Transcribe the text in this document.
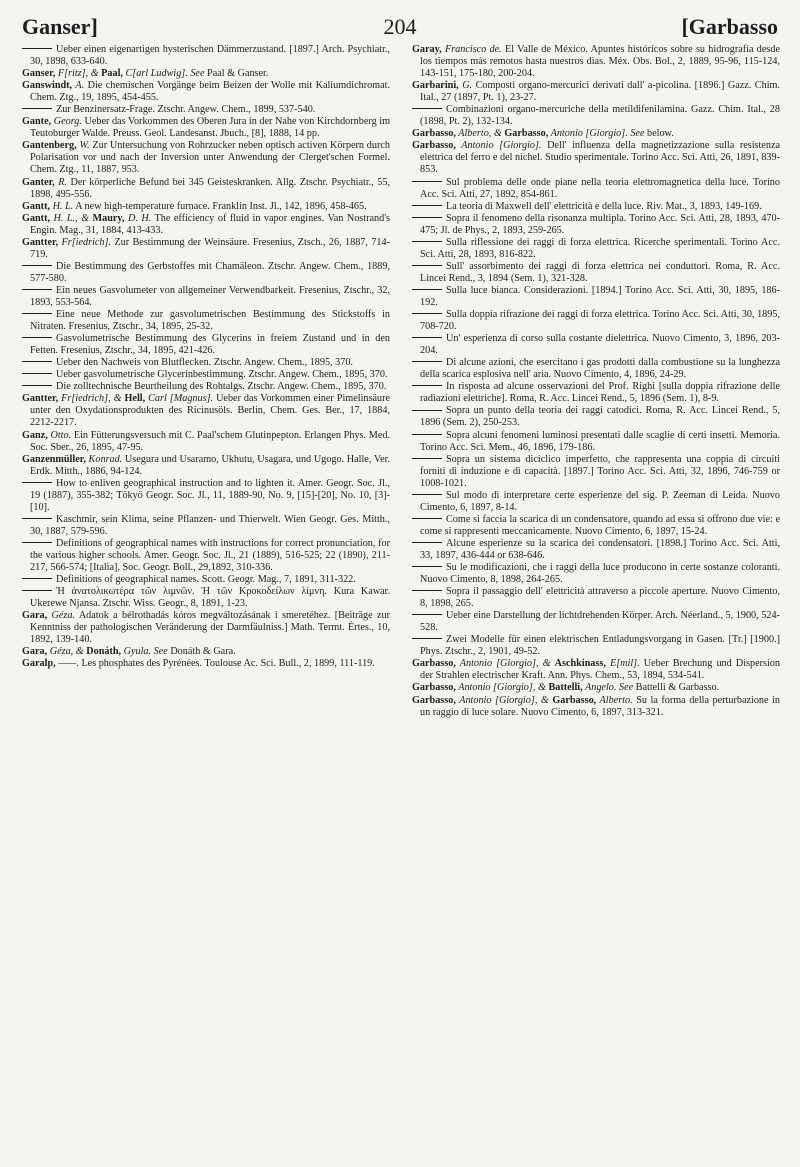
Ganser]	204	[Garbasso

Ueber einen eigenartigen hysterischen Dämmerzustand. [1897.] Arch. Psychiatr., 30, 1898, 633-640.

Ganser, F[ritz], & Paal, C[arl Ludwig]. See Paal & Ganser.

Ganswindt, A. Die chemischen Vorgänge beim Beizen der Wolle mit Kaliumdichromat. Chem. Ztg., 19, 1895, 454-455.

Zur Benzinersatz-Frage. Ztschr. Angew. Chem., 1899, 537-540.

Gante, Georg. Ueber das Vorkommen des Oberen Jura in der Nahe von Kirchdornberg im Teutoburger Walde. Preuss. Geol. Landesanst. Jbuch., [8], 1888, 14 pp.

Gantenberg, W. Zur Untersuchung von Rohrzucker neben optisch activen Körpern durch Polarisation vor und nach der Inversion unter Anwendung der Clerget'schen Formel. Chem. Ztg., 11, 1887, 953.

Ganter, R. Der körperliche Befund bei 345 Geisteskranken. Allg. Ztschr. Psychiatr., 55, 1898, 495-556.

Gantt, H. L. A new high-temperature furnace. Franklin Inst. Jl., 142, 1896, 458-465.

Gantt, H. L., & Maury, D. H. The efficiency of fluid in vapor engines. Van Nostrand's Engin. Mag., 31, 1884, 413-433.

Gantter, Fr[iedrich]. Zur Bestimmung der Weinsäure. Fresenius, Ztsch., 26, 1887, 714-719.

Die Bestimmung des Gerbstoffes mit Chamäleon. Ztschr. Angew. Chem., 1889, 577-580.

Ein neues Gasvolumeter von allgemeiner Verwendbarkeit. Fresenius, Ztschr., 32, 1893, 553-564.

Eine neue Methode zur gasvolumetrischen Bestimmung des Stickstoffs in Nitraten. Fresenius, Ztschr., 34, 1895, 25-32.

Gasvolumetrische Bestimmung des Glycerins in freiem Zustand und in den Fetten. Fresenius, Ztschr., 34, 1895, 421-426.

Ueber den Nachweis von Blutflecken. Ztschr. Angew. Chem., 1895, 370.

Ueber gasvolumetrische Glycerinbestimmung. Ztschr. Angew. Chem., 1895, 370.

Die zolltechnische Beurtheilung des Rohtalgs. Ztschr. Angew. Chem., 1895, 370.

Gantter, Fr[iedrich], & Hell, Carl [Magnus]. Ueber das Vorkommen einer Pimelinsäure unter den Oxydationsprodukten des Ricinusöls. Berlin, Chem. Ges. Ber., 17, 1884, 2212-2217.

Ganz, Otto. Ein Fütterungsversuch mit C. Paal'schem Glutinpepton. Erlangen Phys. Med. Soc. Sber., 26, 1895, 47-95.

Ganzenmüller, Konrad. Usegura und Usaramo, Ukhutu, Usagara, und Ugogo. Halle, Ver. Erdk. Mitth., 1886, 94-124.

How to enliven geographical instruction and to lighten it. Amer. Geogr. Soc. Jl., 19 (1887), 355-382; Tökyö Geogr. Soc. Jl., 11, 1889-90, No. 9, [15]-[20], No. 10, [3]-[10].

Kaschmir, sein Klima, seine Pflanzen- und Thierwelt. Wien Geogr. Ges. Mitth., 30, 1887, 579-596.

Definitions of geographical names with instructions for correct pronunciation, for the various higher schools. Amer. Geogr. Soc. Jl., 21 (1889), 516-525; 22 (1890), 211-217, 566-574; [Italia], Soc. Geogr. Boll., 29,1892, 310-336.

Definitions of geographical names. Scott. Geogr. Mag., 7, 1891, 311-322.

Ἡ ἀνατολικωτέρα τῶν λιμνῶν. Ἡ τῶν Κροκοδείλων λίμνη. Kura Kawar. Ukerewe Njansa. Ztschr. Wiss. Geogr., 8, 1891, 1-23.

Gara, Géza. Adatok a bélrothadás kóros megváltozásának i smeretéhez. [Beiträge zur Kenntniss der pathologischen Veränderung der Darmfäulniss.] Math. Termt. Értes., 10, 1892, 139-140.

Gara, Géza, & Donáth, Gyula. See Donáth & Gara.

Garalp, ——. Les phosphates des Pyrénées. Toulouse Ac. Sci. Bull., 2, 1899, 111-119.

Garay, Francisco de. El Valle de México. Apuntes históricos sobre su hidrografía desde los tiempos más remotos hasta nuestros dias. Méx. Obs. Bol., 2, 1889, 95-96, 115-124, 143-151, 175-180, 200-204.

Garbarini, G. Composti organo-mercurici derivati dall' a-picolina. [1896.] Gazz. Chim. Ital., 27 (1897, Pt. 1), 23-27.

Combinazioni organo-mercuriche della metildifenilamina. Gazz. Chim. Ital., 28 (1898, Pt. 2), 132-134.

Garbasso, Alberto, & Garbasso, Antonio [Giorgio]. See below.

Garbasso, Antonio [Giorgio]. Dell' influenza della magnetizzazione sulla resistenza elettrica del ferro e del nichel. Studio sperimentale. Torino Acc. Sci. Atti, 26, 1891, 839-853.

Sul problema delle onde piane nella teoria elettromagnetica della luce. Torino Acc. Sci. Atti, 27, 1892, 854-861.

La teoria di Maxwell dell' elettricità e della luce. Riv. Mat., 3, 1893, 149-169.

Sopra il fenomeno della risonanza multipla. Torino Acc. Sci. Atti, 28, 1893, 470-475; Jl. de Phys., 2, 1893, 259-265.

Sulla riflessione dei raggi di forza elettrica. Ricerche sperimentali. Torino Acc. Sci. Atti, 28, 1893, 816-822.

Sull' assorbimento dei raggi di forza elettrica nei conduttori. Roma, R. Acc. Lincei Rend., 3, 1894 (Sem. 1), 321-328.

Sulla luce bianca. Considerazioni. [1894.] Torino Acc. Sci. Atti, 30, 1895, 186-192.

Sulla doppia rifrazione dei raggi di forza elettrica. Torino Acc. Sci. Atti, 30, 1895, 708-720.

Un' esperienza di corso sulla costante dielettrica. Nuovo Cimento, 3, 1896, 203-204.

Di alcune azioni, che esercitano i gas prodotti dalla combustione su la lunghezza della scarica esplosiva nell' aria. Nuovo Cimento, 4, 1896, 24-29.

In risposta ad alcune osservazioni del Prof. Righi [sulla doppia rifrazione delle radiazioni elettriche]. Roma, R. Acc. Lincei Rend., 5, 1896 (Sem. 1), 8-9.

Sopra un punto della teoria dei raggi catodici. Roma, R. Acc. Lincei Rend., 5, 1896 (Sem. 2), 250-253.

Sopra alcuni fenomeni luminosi presentati dalle scaglie di certi insetti. Memoria. Torino Acc. Sci. Mem., 46, 1896, 179-186.

Sopra un sistema diciclico imperfetto, che rappresenta una coppia di circuiti forniti di induzione e di capacità. [1897.] Torino Acc. Sci. Atti, 32, 1896, 746-759 or 1008-1021.

Sul modo di interpretare certe esperienze del sig. P. Zeeman di Leida. Nuovo Cimento, 6, 1897, 8-14.

Come si faccia la scarica di un condensatore, quando ad essa si offrono due vie: e come si rappresenti meccanicamente. Nuovo Cimento, 6, 1897, 15-24.

Alcune esperienze su la scarica dei condensatori. [1898.] Torino Acc. Sci. Atti, 33, 1897, 436-444 or 638-646.

Su le modificazioni, che i raggi della luce producono in certe sostanze coloranti. Nuovo Cimento, 8, 1898, 264-265.

Sopra il passaggio dell' elettricità attraverso a piccole aperture. Nuovo Cimento, 8, 1898, 265.

Ueber eine Darstellung der lichtdrehenden Körper. Arch. Néerland., 5, 1900, 524-528.

Zwei Modelle für einen elektrischen Entladungsvorgang in Gasen. [Tr.] [1900.] Phys. Ztschr., 2, 1901, 49-52.

Garbasso, Antonio [Giorgio], & Aschkinass, E[mil]. Ueber Brechung und Dispersion der Strahlen electrischer Kraft. Ann. Phys. Chem., 53, 1894, 534-541.

Garbasso, Antonio [Giorgio], & Battelli, Angelo. See Battelli & Garbasso.

Garbasso, Antonio [Giorgio], & Garbasso, Alberto. Su la forma della perturbazione in un raggio di luce solare. Nuovo Cimento, 6, 1897, 313-321.
